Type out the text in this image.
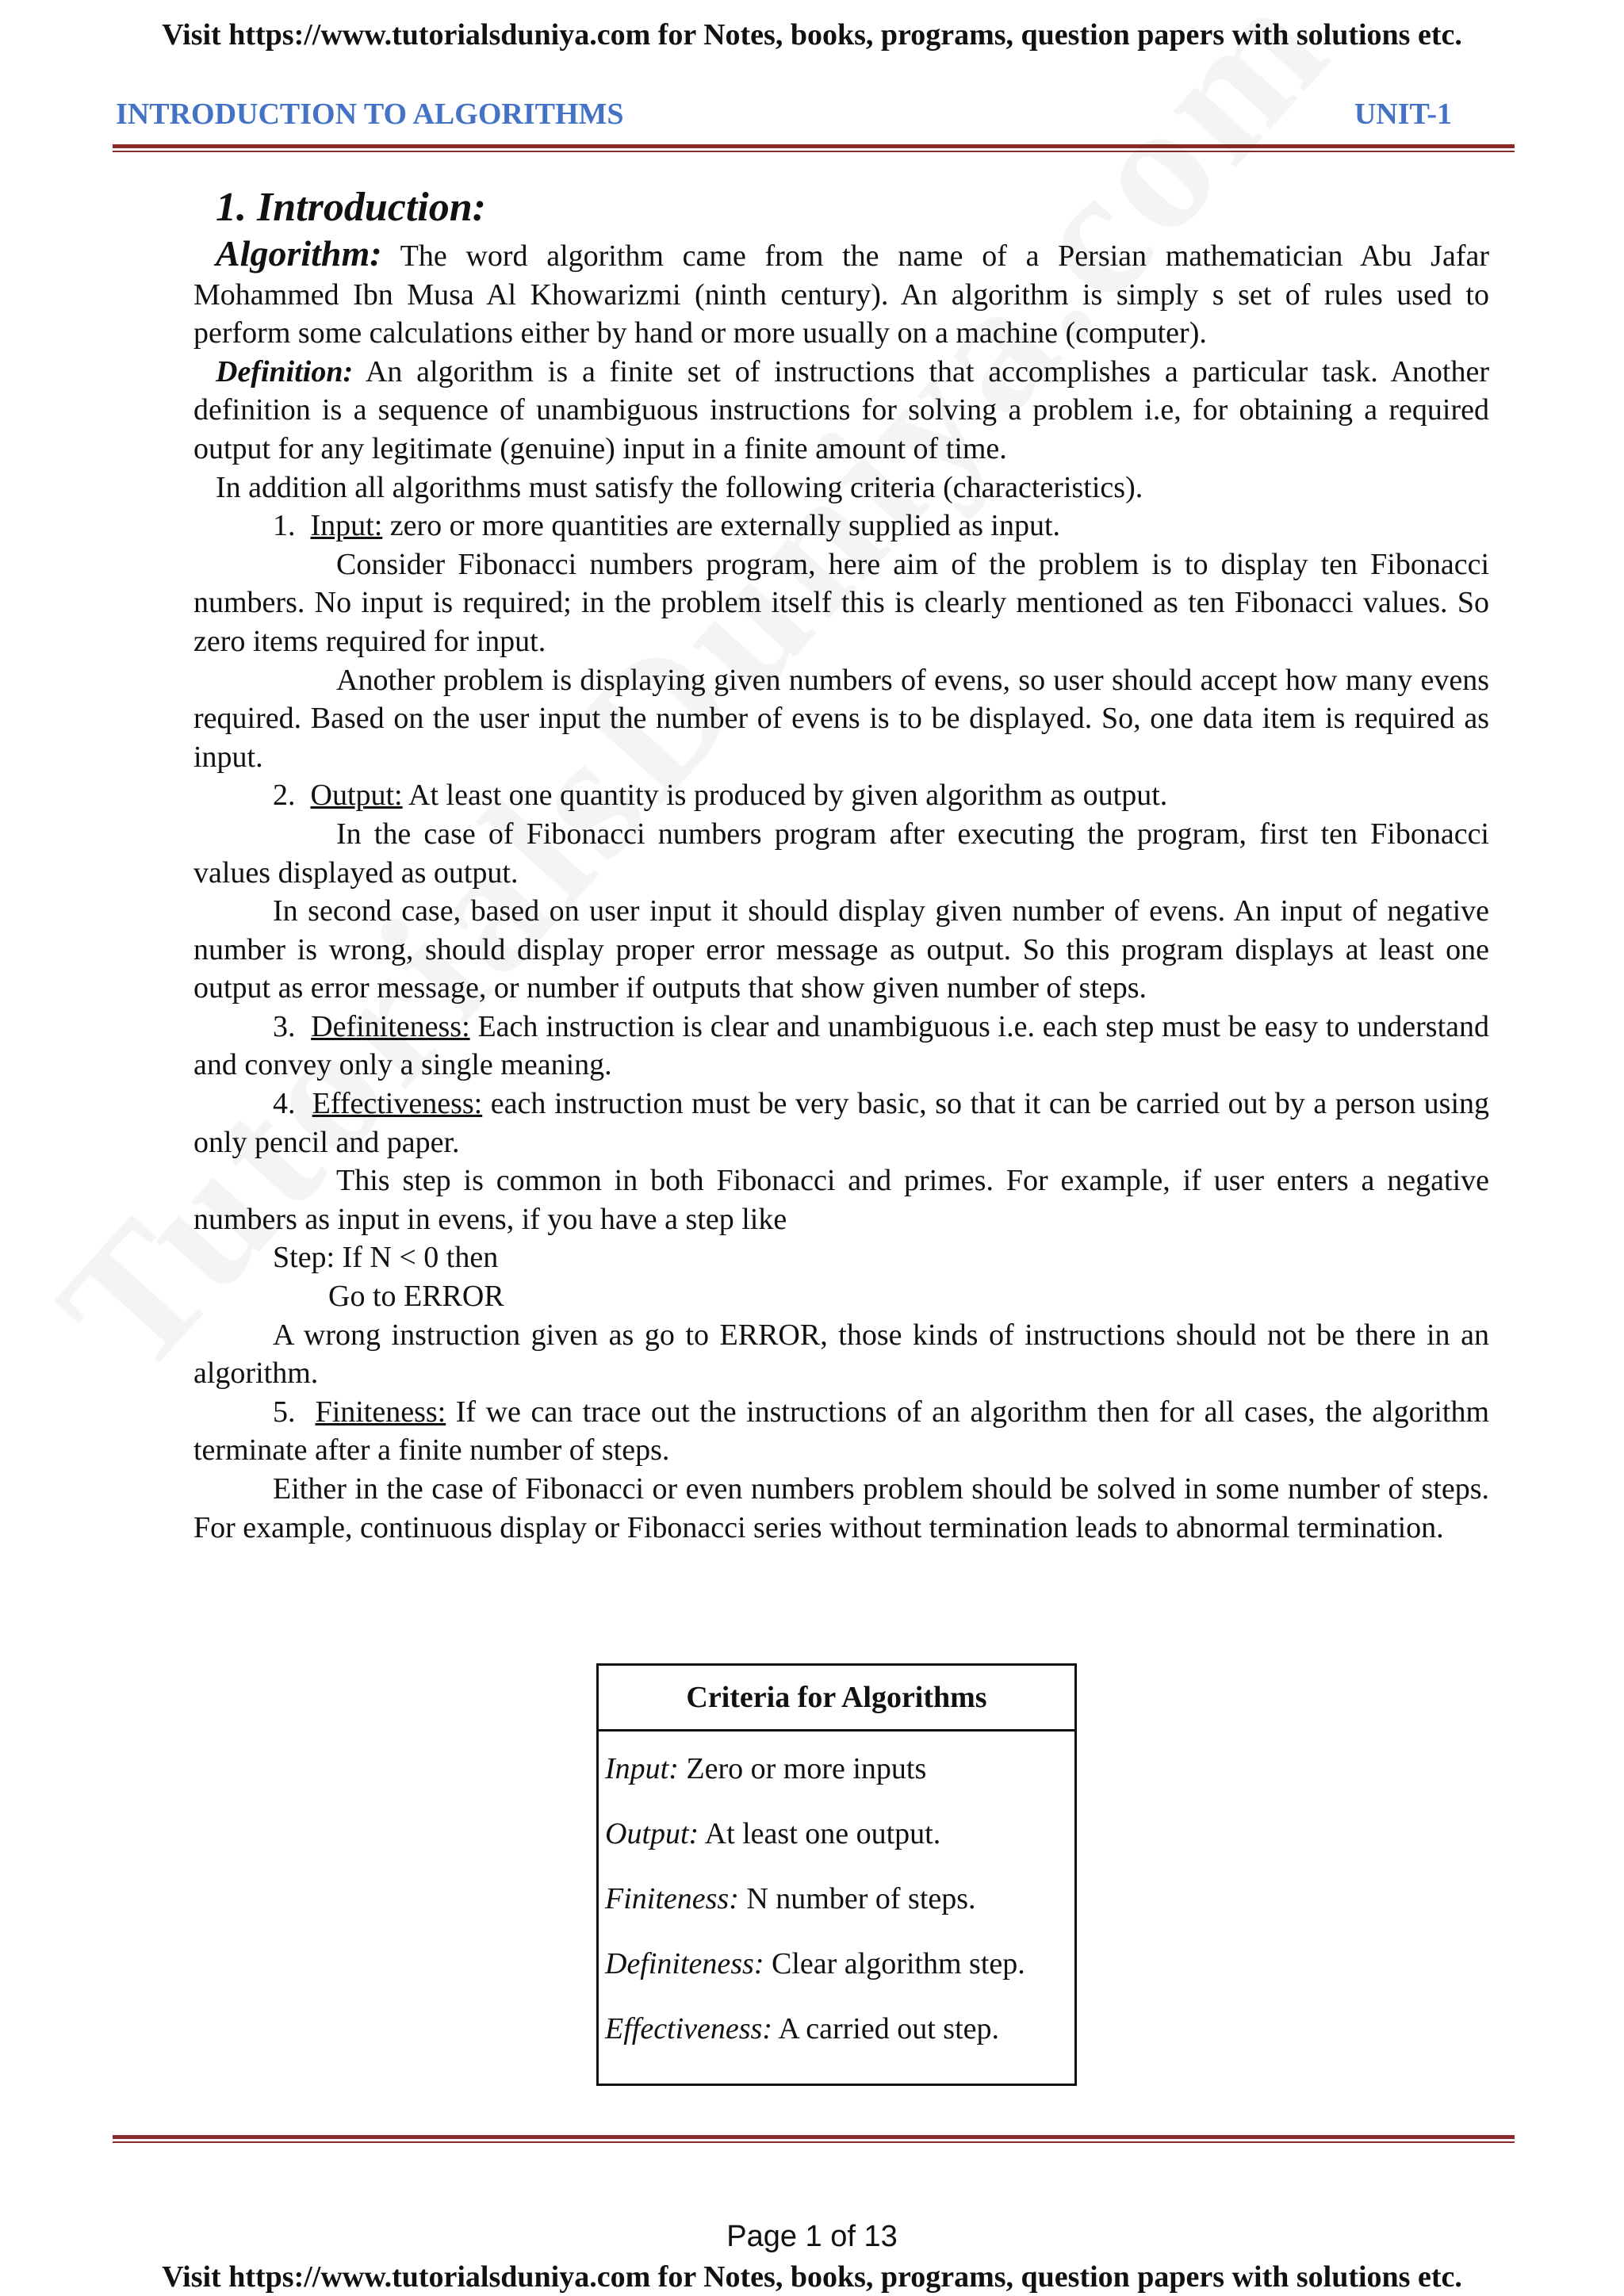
Visit https://www.tutorialsduniya.com for Notes, books, programs, question papers with solutions etc.
INTRODUCTION TO ALGORITHMS	UNIT-1
1. Introduction:

Algorithm: The word algorithm came from the name of a Persian mathematician Abu Jafar Mohammed Ibn Musa Al Khowarizmi (ninth century). An algorithm is simply s set of rules used to perform some calculations either by hand or more usually on a machine (computer).

Definition: An algorithm is a finite set of instructions that accomplishes a particular task. Another definition is a sequence of unambiguous instructions for solving a problem i.e, for obtaining a required output for any legitimate (genuine) input in a finite amount of time.

In addition all algorithms must satisfy the following criteria (characteristics).

1. Input: zero or more quantities are externally supplied as input.

Consider Fibonacci numbers program, here aim of the problem is to display ten Fibonacci numbers. No input is required; in the problem itself this is clearly mentioned as ten Fibonacci values. So zero items required for input.

Another problem is displaying given numbers of evens, so user should accept how many evens required. Based on the user input the number of evens is to be displayed. So, one data item is required as input.

2. Output: At least one quantity is produced by given algorithm as output.

In the case of Fibonacci numbers program after executing the program, first ten Fibonacci values displayed as output.

In second case, based on user input it should display given number of evens. An input of negative number is wrong, should display proper error message as output. So this program displays at least one output as error message, or number if outputs that show given number of steps.

3. Definiteness: Each instruction is clear and unambiguous i.e. each step must be easy to understand and convey only a single meaning.

4. Effectiveness: each instruction must be very basic, so that it can be carried out by a person using only pencil and paper.

This step is common in both Fibonacci and primes. For example, if user enters a negative numbers as input in evens, if you have a step like

Step: If N < 0 then

Go to ERROR

A wrong instruction given as go to ERROR, those kinds of instructions should not be there in an algorithm.

5. Finiteness: If we can trace out the instructions of an algorithm then for all cases, the algorithm terminate after a finite number of steps.

Either in the case of Fibonacci or even numbers problem should be solved in some number of steps. For example, continuous display or Fibonacci series without termination leads to abnormal termination.

Criteria for Algorithms
Input: Zero or more inputs
Output: At least one output.
Finiteness: N number of steps.
Definiteness: Clear algorithm step.
Effectiveness: A carried out step.
Page 1 of 13
Visit https://www.tutorialsduniya.com for Notes, books, programs, question papers with solutions etc.
